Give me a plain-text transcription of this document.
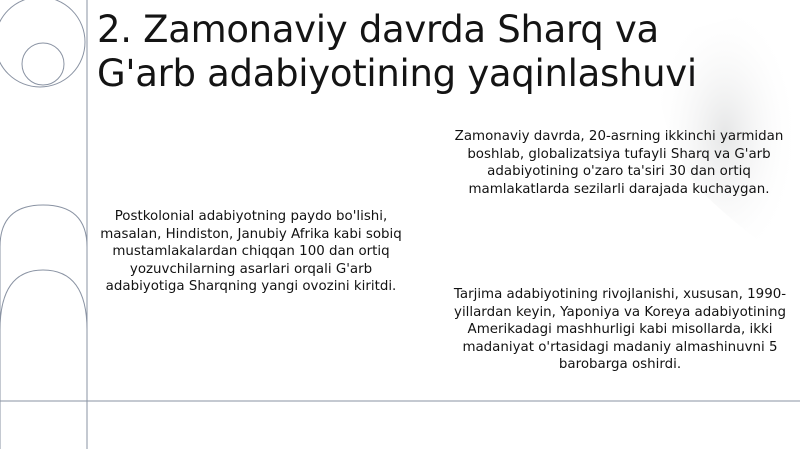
2. Zamonaviy davrda Sharq va
G'arb adabiyotining yaqinlashuvi

Zamonaviy davrda, 20-asrning ikkinchi yarmidan boshlab, globalizatsiya tufayli Sharq va G'arb adabiyotining o'zaro ta'siri 30 dan ortiq mamlakatlarda sezilarli darajada kuchaygan.

Postkolonial adabiyotning paydo bo'lishi, masalan, Hindiston, Janubiy Afrika kabi sobiq mustamlakalardan chiqqan 100 dan ortiq yozuvchilarning asarlari orqali G'arb adabiyotiga Sharqning yangi ovozini kiritdi.

Tarjima adabiyotining rivojlanishi, xususan, 1990-yillardan keyin, Yaponiya va Koreya adabiyotining Amerikadagi mashhurligi kabi misollarda, ikki madaniyat o'rtasidagi madaniy almashinuvni 5 barobarga oshirdi.
